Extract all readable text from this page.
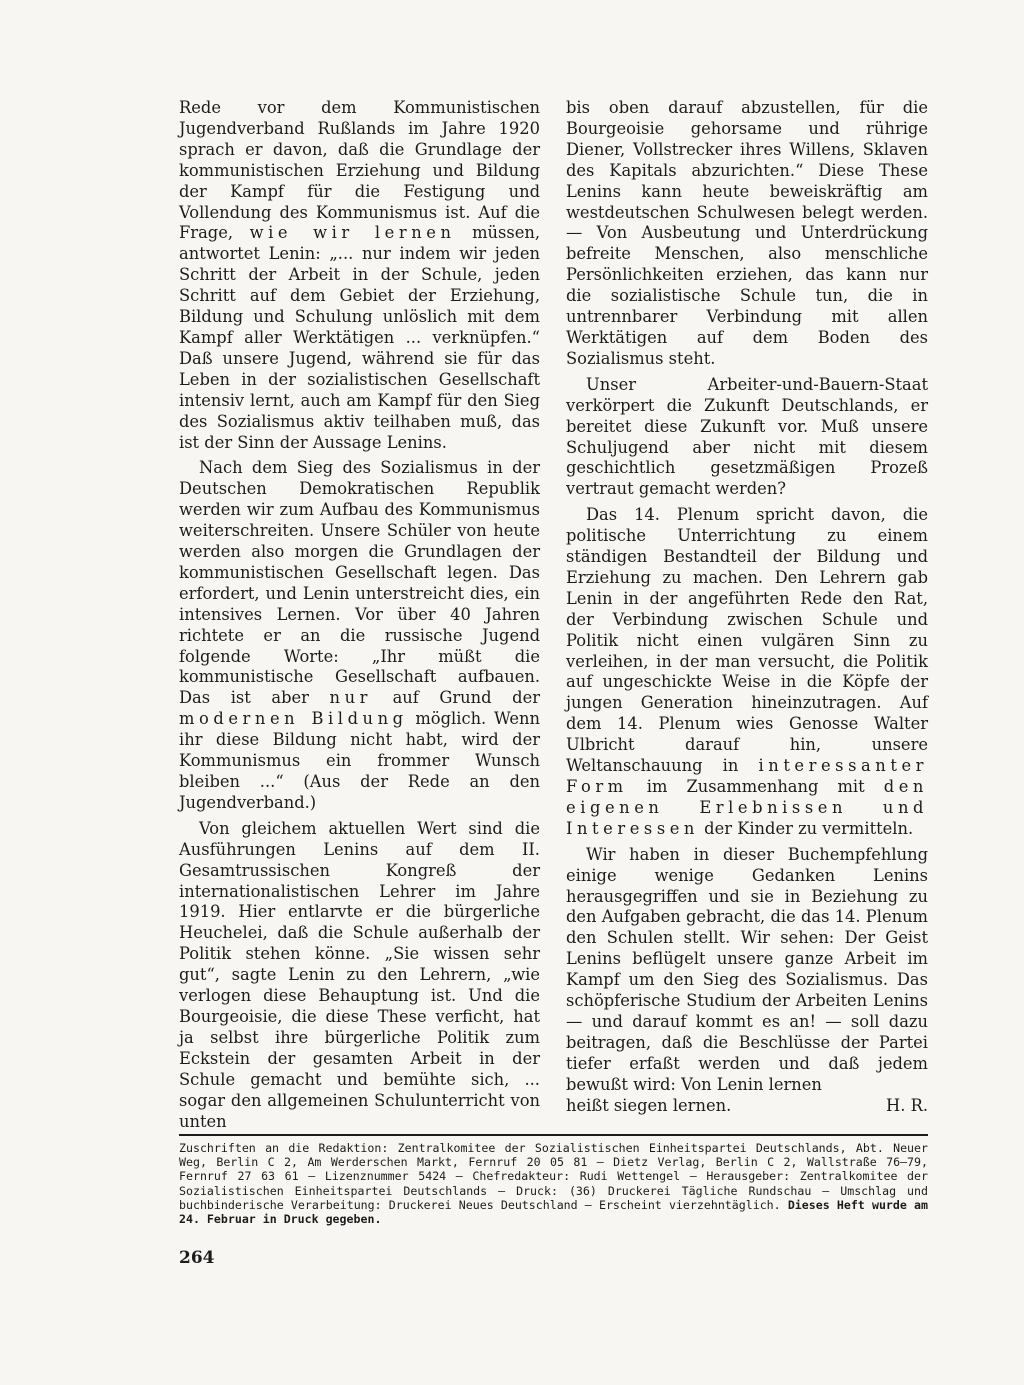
Rede vor dem Kommunistischen Jugendverband Rußlands im Jahre 1920 sprach er davon, daß die Grundlage der kommunistischen Erziehung und Bildung der Kampf für die Festigung und Vollendung des Kommunismus ist. Auf die Frage, wie wir lernen müssen, antwortet Lenin: „... nur indem wir jeden Schritt der Arbeit in der Schule, jeden Schritt auf dem Gebiet der Erziehung, Bildung und Schulung unlöslich mit dem Kampf aller Werktätigen ... verknüpfen.“ Daß unsere Jugend, während sie für das Leben in der sozialistischen Gesellschaft intensiv lernt, auch am Kampf für den Sieg des Sozialismus aktiv teilhaben muß, das ist der Sinn der Aussage Lenins.

Nach dem Sieg des Sozialismus in der Deutschen Demokratischen Republik werden wir zum Aufbau des Kommunismus weiterschreiten. Unsere Schüler von heute werden also morgen die Grundlagen der kommunistischen Gesellschaft legen. Das erfordert, und Lenin unterstreicht dies, ein intensives Lernen. Vor über 40 Jahren richtete er an die russische Jugend folgende Worte: „Ihr müßt die kommunistische Gesellschaft aufbauen. Das ist aber nur auf Grund der modernen Bildung möglich. Wenn ihr diese Bildung nicht habt, wird der Kommunismus ein frommer Wunsch bleiben ...“ (Aus der Rede an den Jugendverband.)

Von gleichem aktuellen Wert sind die Ausführungen Lenins auf dem II. Gesamtrussischen Kongreß der internationalistischen Lehrer im Jahre 1919. Hier entlarvte er die bürgerliche Heuchelei, daß die Schule außerhalb der Politik stehen könne. „Sie wissen sehr gut“, sagte Lenin zu den Lehrern, „wie verlogen diese Behauptung ist. Und die Bourgeoisie, die diese These verficht, hat ja selbst ihre bürgerliche Politik zum Eckstein der gesamten Arbeit in der Schule gemacht und bemühte sich, ... sogar den allgemeinen Schulunterricht von unten

bis oben darauf abzustellen, für die Bourgeoisie gehorsame und rührige Diener, Vollstrecker ihres Willens, Sklaven des Kapitals abzurichten.“ Diese These Lenins kann heute beweiskräftig am westdeutschen Schulwesen belegt werden. — Von Ausbeutung und Unterdrückung befreite Menschen, also menschliche Persönlichkeiten erziehen, das kann nur die sozialistische Schule tun, die in untrennbarer Verbindung mit allen Werktätigen auf dem Boden des Sozialismus steht.

Unser Arbeiter-und-Bauern-Staat verkörpert die Zukunft Deutschlands, er bereitet diese Zukunft vor. Muß unsere Schuljugend aber nicht mit diesem geschichtlich gesetzmäßigen Prozeß vertraut gemacht werden?

Das 14. Plenum spricht davon, die politische Unterrichtung zu einem ständigen Bestandteil der Bildung und Erziehung zu machen. Den Lehrern gab Lenin in der angeführten Rede den Rat, der Verbindung zwischen Schule und Politik nicht einen vulgären Sinn zu verleihen, in der man versucht, die Politik auf ungeschickte Weise in die Köpfe der jungen Generation hineinzutragen. Auf dem 14. Plenum wies Genosse Walter Ulbricht darauf hin, unsere Weltanschauung in interessanter Form im Zusammenhang mit den eigenen Erlebnissen und Interessen der Kinder zu vermitteln.

Wir haben in dieser Buchempfehlung einige wenige Gedanken Lenins herausgegriffen und sie in Beziehung zu den Aufgaben gebracht, die das 14. Plenum den Schulen stellt. Wir sehen: Der Geist Lenins beflügelt unsere ganze Arbeit im Kampf um den Sieg des Sozialismus. Das schöpferische Studium der Arbeiten Lenins — und darauf kommt es an! — soll dazu beitragen, daß die Beschlüsse der Partei tiefer erfaßt werden und daß jedem bewußt wird: Von Lenin lernen

heißt siegen lernen.	H. R.
Zuschriften an die Redaktion: Zentralkomitee der Sozialistischen Einheitspartei Deutschlands, Abt. Neuer Weg, Berlin C 2, Am Werderschen Markt, Fernruf 20 05 81 — Dietz Verlag, Berlin C 2, Wallstraße 76—79, Fernruf 27 63 61 — Lizenznummer 5424 — Chefredakteur: Rudi Wettengel — Herausgeber: Zentralkomitee der Sozialistischen Einheitspartei Deutschlands — Druck: (36) Druckerei Tägliche Rundschau — Umschlag und buchbinderische Verarbeitung: Druckerei Neues Deutschland — Erscheint vierzehntäglich. Dieses Heft wurde am 24. Februar in Druck gegeben.
264
